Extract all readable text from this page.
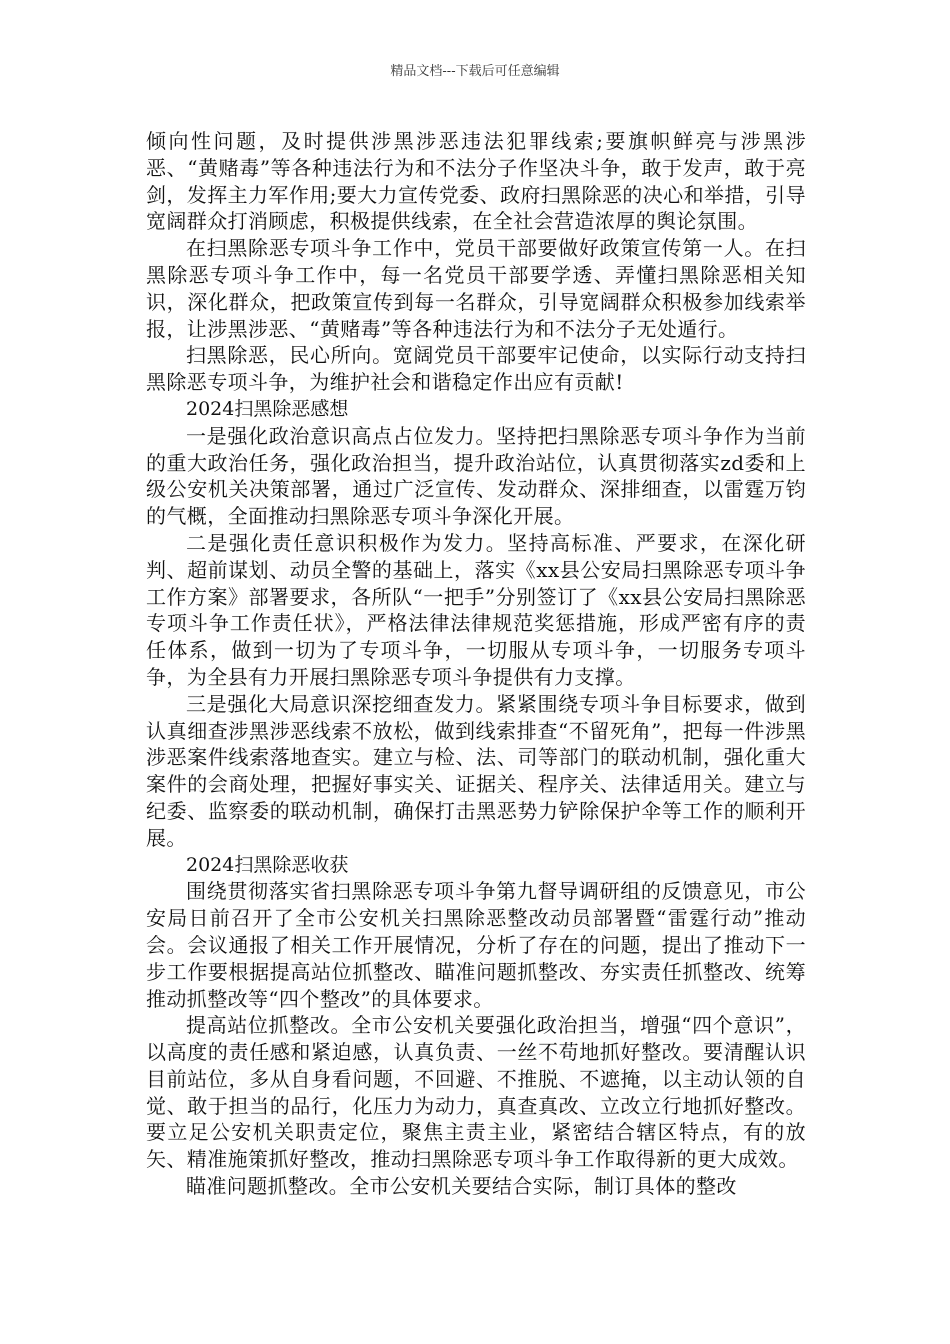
精品文档---下载后可任意编辑

倾向性问题，及时提供涉黑涉恶违法犯罪线索;要旗帜鲜亮与涉黑涉恶、“黄赌毒”等各种违法行为和不法分子作坚决斗争，敢于发声，敢于亮剑，发挥主力军作用;要大力宣传党委、政府扫黑除恶的决心和举措，引导宽阔群众打消顾虑，积极提供线索，在全社会营造浓厚的舆论氛围。

在扫黑除恶专项斗争工作中，党员干部要做好政策宣传第一人。在扫黑除恶专项斗争工作中，每一名党员干部要学透、弄懂扫黑除恶相关知识，深化群众，把政策宣传到每一名群众，引导宽阔群众积极参加线索举报，让涉黑涉恶、“黄赌毒”等各种违法行为和不法分子无处遁行。

扫黑除恶，民心所向。宽阔党员干部要牢记使命，以实际行动支持扫黑除恶专项斗争，为维护社会和谐稳定作出应有贡献!

2024扫黑除恶感想

一是强化政治意识高点占位发力。坚持把扫黑除恶专项斗争作为当前的重大政治任务，强化政治担当，提升政治站位，认真贯彻落实zd委和上级公安机关决策部署，通过广泛宣传、发动群众、深排细查，以雷霆万钧的气概，全面推动扫黑除恶专项斗争深化开展。

二是强化责任意识积极作为发力。坚持高标准、严要求，在深化研判、超前谋划、动员全警的基础上，落实《xx县公安局扫黑除恶专项斗争工作方案》部署要求，各所队“一把手”分别签订了《xx县公安局扫黑除恶专项斗争工作责任状》，严格法律法律规范奖惩措施，形成严密有序的责任体系，做到一切为了专项斗争，一切服从专项斗争，一切服务专项斗争，为全县有力开展扫黑除恶专项斗争提供有力支撑。

三是强化大局意识深挖细查发力。紧紧围绕专项斗争目标要求，做到认真细查涉黑涉恶线索不放松，做到线索排查“不留死角”，把每一件涉黑涉恶案件线索落地查实。建立与检、法、司等部门的联动机制，强化重大案件的会商处理，把握好事实关、证据关、程序关、法律适用关。建立与纪委、监察委的联动机制，确保打击黑恶势力铲除保护伞等工作的顺利开展。

2024扫黑除恶收获

围绕贯彻落实省扫黑除恶专项斗争第九督导调研组的反馈意见，市公安局日前召开了全市公安机关扫黑除恶整改动员部署暨“雷霆行动”推动会。会议通报了相关工作开展情况，分析了存在的问题，提出了推动下一步工作要根据提高站位抓整改、瞄准问题抓整改、夯实责任抓整改、统筹推动抓整改等“四个整改”的具体要求。

提高站位抓整改。全市公安机关要强化政治担当，增强“四个意识”，以高度的责任感和紧迫感，认真负责、一丝不苟地抓好整改。要清醒认识目前站位，多从自身看问题，不回避、不推脱、不遮掩，以主动认领的自觉、敢于担当的品行，化压力为动力，真查真改、立改立行地抓好整改。要立足公安机关职责定位，聚焦主责主业，紧密结合辖区特点，有的放矢、精准施策抓好整改，推动扫黑除恶专项斗争工作取得新的更大成效。

瞄准问题抓整改。全市公安机关要结合实际，制订具体的整改
